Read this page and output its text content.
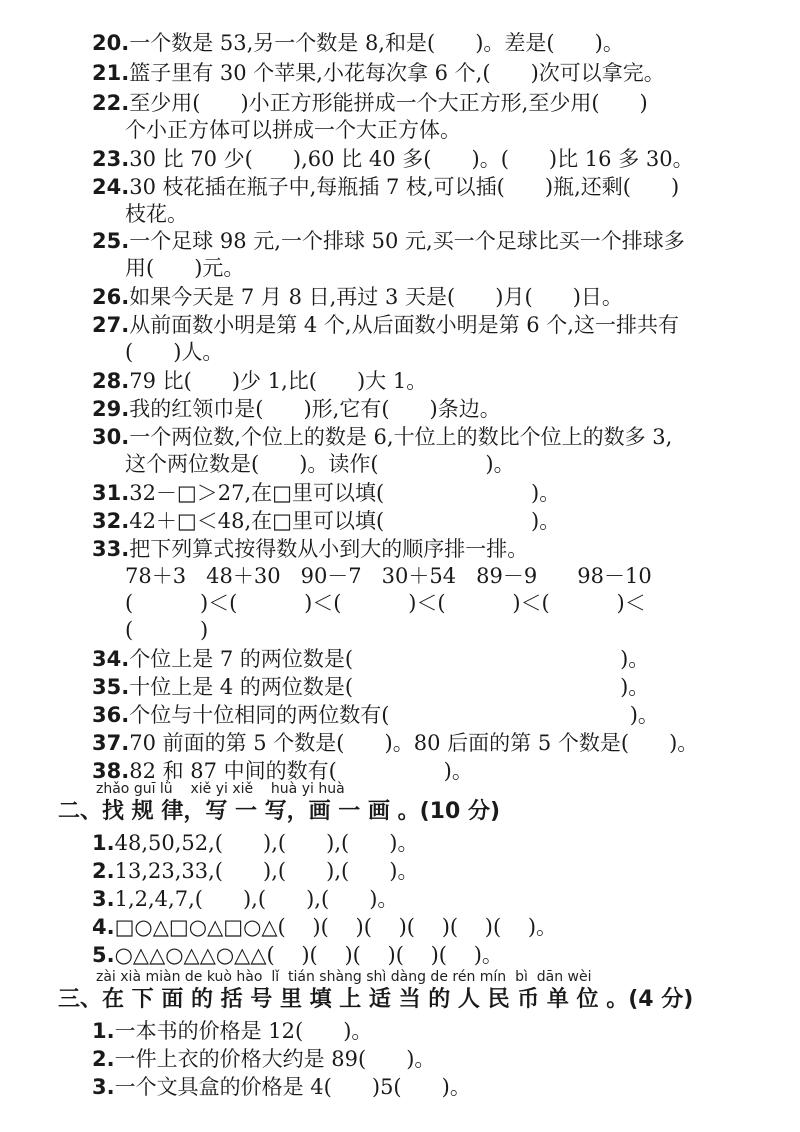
20.一个数是 53,另一个数是 8,和是(      )。差是(      )。
21.篮子里有 30 个苹果,小花每次拿 6 个,(      )次可以拿完。
22.至少用(      )小正方形能拼成一个大正方形,至少用(      )
个小正方体可以拼成一个大正方体。
23.30 比 70 少(      ),60 比 40 多(      )。(      )比 16 多 30。
24.30 枝花插在瓶子中,每瓶插 7 枝,可以插(      )瓶,还剩(      )
枝花。
25.一个足球 98 元,一个排球 50 元,买一个足球比买一个排球多
用(      )元。
26.如果今天是 7 月 8 日,再过 3 天是(      )月(      )日。
27.从前面数小明是第 4 个,从后面数小明是第 6 个,这一排共有
(      )人。
28.79 比(      )少 1,比(      )大 1。
29.我的红领巾是(      )形,它有(      )条边。
30.一个两位数,个位上的数是 6,十位上的数比个位上的数多 3,
这个两位数是(      )。读作(                )。
31.32－□＞27,在□里可以填(                      )。
32.42＋□＜48,在□里可以填(                      )。
33.把下列算式按得数从小到大的顺序排一排。
78＋3   48＋30   90－7   30＋54   89－9      98－10
(          )＜(          )＜(          )＜(          )＜(          )＜
(          )
34.个位上是 7 的两位数是(                                        )。
35.十位上是 4 的两位数是(                                        )。
36.个位与十位相同的两位数有(                                    )。
37.70 前面的第 5 个数是(      )。80 后面的第 5 个数是(      )。
38.82 和 87 中间的数有(                )。
zhǎo guī lǜ    xiě yi xiě    huà yi huà
二、找 规 律，写 一 写，画 一 画 。(10 分)
1.48,50,52,(      ),(      ),(      )。
2.13,23,33,(      ),(      ),(      )。
3.1,2,4,7,(      ),(      ),(      )。
4.□○△□○△□○△(    )(    )(    )(    )(    )(    )。
5.○△△○△△○△△(    )(    )(    )(    )(    )。
zài xià miàn de kuò hào  lǐ  tián shàng shì dàng de rén mín  bì  dān wèi
三、在 下 面 的 括 号 里 填 上 适 当 的 人 民 币 单 位 。(4 分)
1.一本书的价格是 12(      )。
2.一件上衣的价格大约是 89(      )。
3.一个文具盒的价格是 4(      )5(      )。
